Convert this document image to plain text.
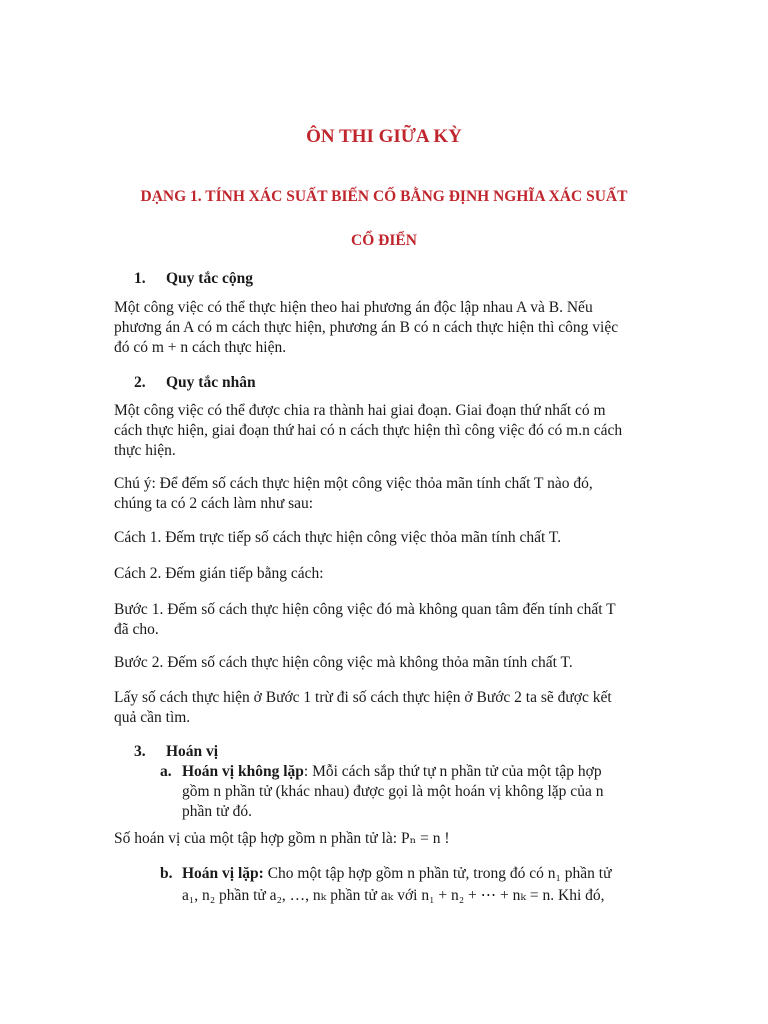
ÔN THI GIỮA KỲ
DẠNG 1. TÍNH XÁC SUẤT BIẾN CỐ BẰNG ĐỊNH NGHĨA XÁC SUẤT
CỔ ĐIỂN
1. Quy tắc cộng
Một công việc có thể thực hiện theo hai phương án độc lập nhau A và B. Nếu
phương án A có m cách thực hiện, phương án B có n cách thực hiện thì công việc
đó có m + n cách thực hiện.
2. Quy tắc nhân
Một công việc có thể được chia ra thành hai giai đoạn. Giai đoạn thứ nhất có m
cách thực hiện, giai đoạn thứ hai có n cách thực hiện thì công việc đó có m.n cách
thực hiện.
Chú ý: Để đếm số cách thực hiện một công việc thỏa mãn tính chất T nào đó,
chúng ta có 2 cách làm như sau:
Cách 1. Đếm trực tiếp số cách thực hiện công việc thỏa mãn tính chất T.
Cách 2. Đếm gián tiếp bằng cách:
Bước 1. Đếm số cách thực hiện công việc đó mà không quan tâm đến tính chất T
đã cho.
Bước 2. Đếm số cách thực hiện công việc mà không thỏa mãn tính chất T.
Lấy số cách thực hiện ở Bước 1 trừ đi số cách thực hiện ở Bước 2 ta sẽ được kết
quả cần tìm.
3. Hoán vị
a. Hoán vị không lặp: Mỗi cách sắp thứ tự n phần tử của một tập hợp
gồm n phần tử (khác nhau) được gọi là một hoán vị không lặp của n
phần tử đó.
Số hoán vị của một tập hợp gồm n phần tử là: Pₙ = n !
b. Hoán vị lặp: Cho một tập hợp gồm n phần tử, trong đó có n₁ phần tử
a₁, n₂ phần tử a₂, …, nₖ phần tử aₖ với n₁ + n₂ + ⋯ + nₖ = n. Khi đó,
